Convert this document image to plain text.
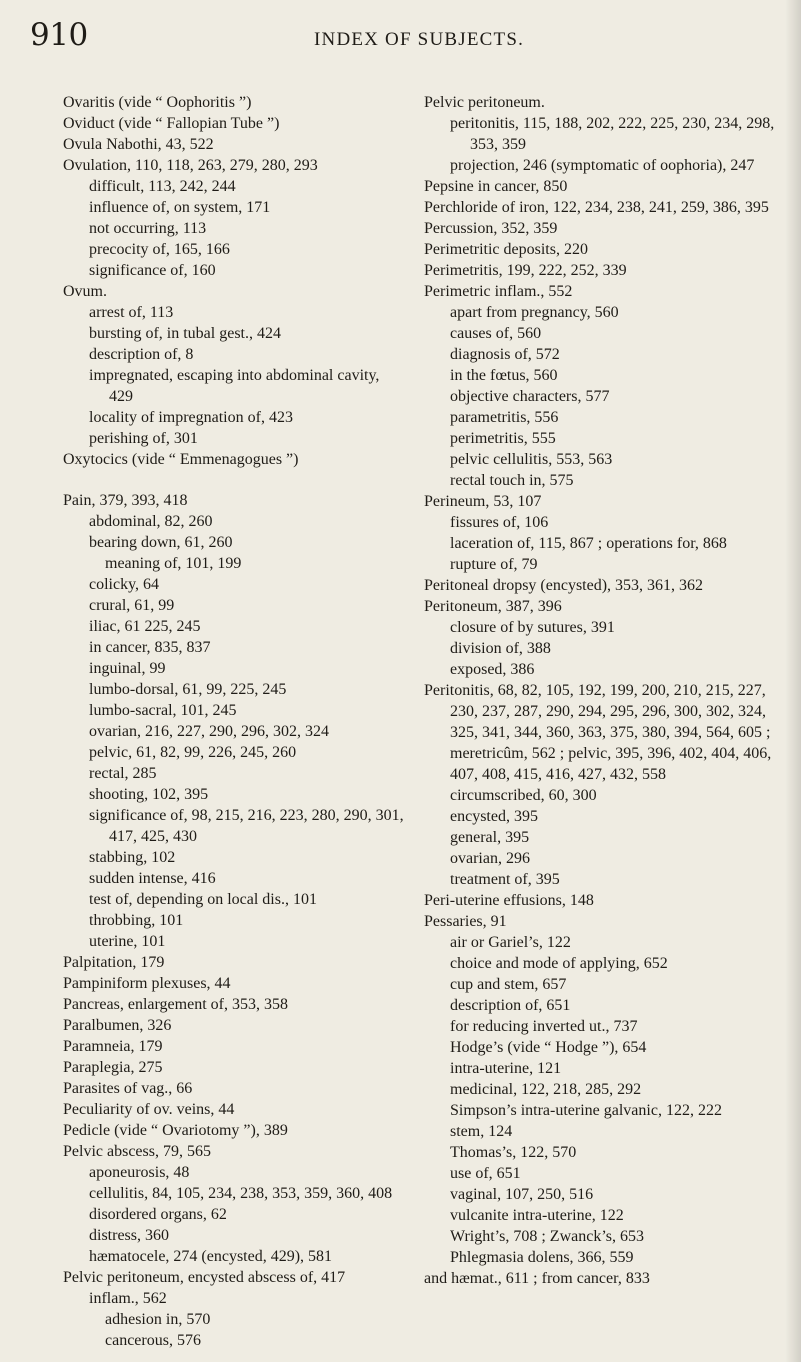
910	INDEX OF SUBJECTS.

Ovaritis (vide “ Oophoritis ”)

Oviduct (vide “ Fallopian Tube ”)

Ovula Nabothi, 43, 522

Ovulation, 110, 118, 263, 279, 280, 293

difficult, 113, 242, 244

influence of, on system, 171

not occurring, 113

precocity of, 165, 166

significance of, 160

Ovum.

arrest of, 113

bursting of, in tubal gest., 424

description of, 8

impregnated, escaping into abdominal cavity, 429

locality of impregnation of, 423

perishing of, 301

Oxytocics (vide “ Emmenagogues ”)

Pain, 379, 393, 418

abdominal, 82, 260

bearing down, 61, 260

meaning of, 101, 199

colicky, 64

crural, 61, 99

iliac, 61 225, 245

in cancer, 835, 837

inguinal, 99

lumbo-dorsal, 61, 99, 225, 245

lumbo-sacral, 101, 245

ovarian, 216, 227, 290, 296, 302, 324

pelvic, 61, 82, 99, 226, 245, 260

rectal, 285

shooting, 102, 395

significance of, 98, 215, 216, 223, 280, 290, 301, 417, 425, 430

stabbing, 102

sudden intense, 416

test of, depending on local dis., 101

throbbing, 101

uterine, 101

Palpitation, 179

Pampiniform plexuses, 44

Pancreas, enlargement of, 353, 358

Paralbumen, 326

Paramneia, 179

Paraplegia, 275

Parasites of vag., 66

Peculiarity of ov. veins, 44

Pedicle (vide “ Ovariotomy ”), 389

Pelvic abscess, 79, 565

aponeurosis, 48

cellulitis, 84, 105, 234, 238, 353, 359, 360, 408

disordered organs, 62

distress, 360

hæmatocele, 274 (encysted, 429), 581

Pelvic peritoneum, encysted abscess of, 417

inflam., 562

adhesion in, 570

cancerous, 576

Pelvic peritoneum.

peritonitis, 115, 188, 202, 222, 225, 230, 234, 298, 353, 359

projection, 246 (symptomatic of oophoria), 247

Pepsine in cancer, 850

Perchloride of iron, 122, 234, 238, 241, 259, 386, 395

Percussion, 352, 359

Perimetritic deposits, 220

Perimetritis, 199, 222, 252, 339

Perimetric inflam., 552

apart from pregnancy, 560

causes of, 560

diagnosis of, 572

in the fœtus, 560

objective characters, 577

parametritis, 556

perimetritis, 555

pelvic cellulitis, 553, 563

rectal touch in, 575

Perineum, 53, 107

fissures of, 106

laceration of, 115, 867 ; operations for, 868

rupture of, 79

Peritoneal dropsy (encysted), 353, 361, 362

Peritoneum, 387, 396

closure of by sutures, 391

division of, 388

exposed, 386

Peritonitis, 68, 82, 105, 192, 199, 200, 210, 215, 227, 230, 237, 287, 290, 294, 295, 296, 300, 302, 324, 325, 341, 344, 360, 363, 375, 380, 394, 564, 605 ; meretricûm, 562 ; pelvic, 395, 396, 402, 404, 406, 407, 408, 415, 416, 427, 432, 558

circumscribed, 60, 300

encysted, 395

general, 395

ovarian, 296

treatment of, 395

Peri-uterine effusions, 148

Pessaries, 91

air or Gariel’s, 122

choice and mode of applying, 652

cup and stem, 657

description of, 651

for reducing inverted ut., 737

Hodge’s (vide “ Hodge ”), 654

intra-uterine, 121

medicinal, 122, 218, 285, 292

Simpson’s intra-uterine galvanic, 122, 222

stem, 124

Thomas’s, 122, 570

use of, 651

vaginal, 107, 250, 516

vulcanite intra-uterine, 122

Wright’s, 708 ; Zwanck’s, 653

Phlegmasia dolens, 366, 559

and hæmat., 611 ; from cancer, 833
